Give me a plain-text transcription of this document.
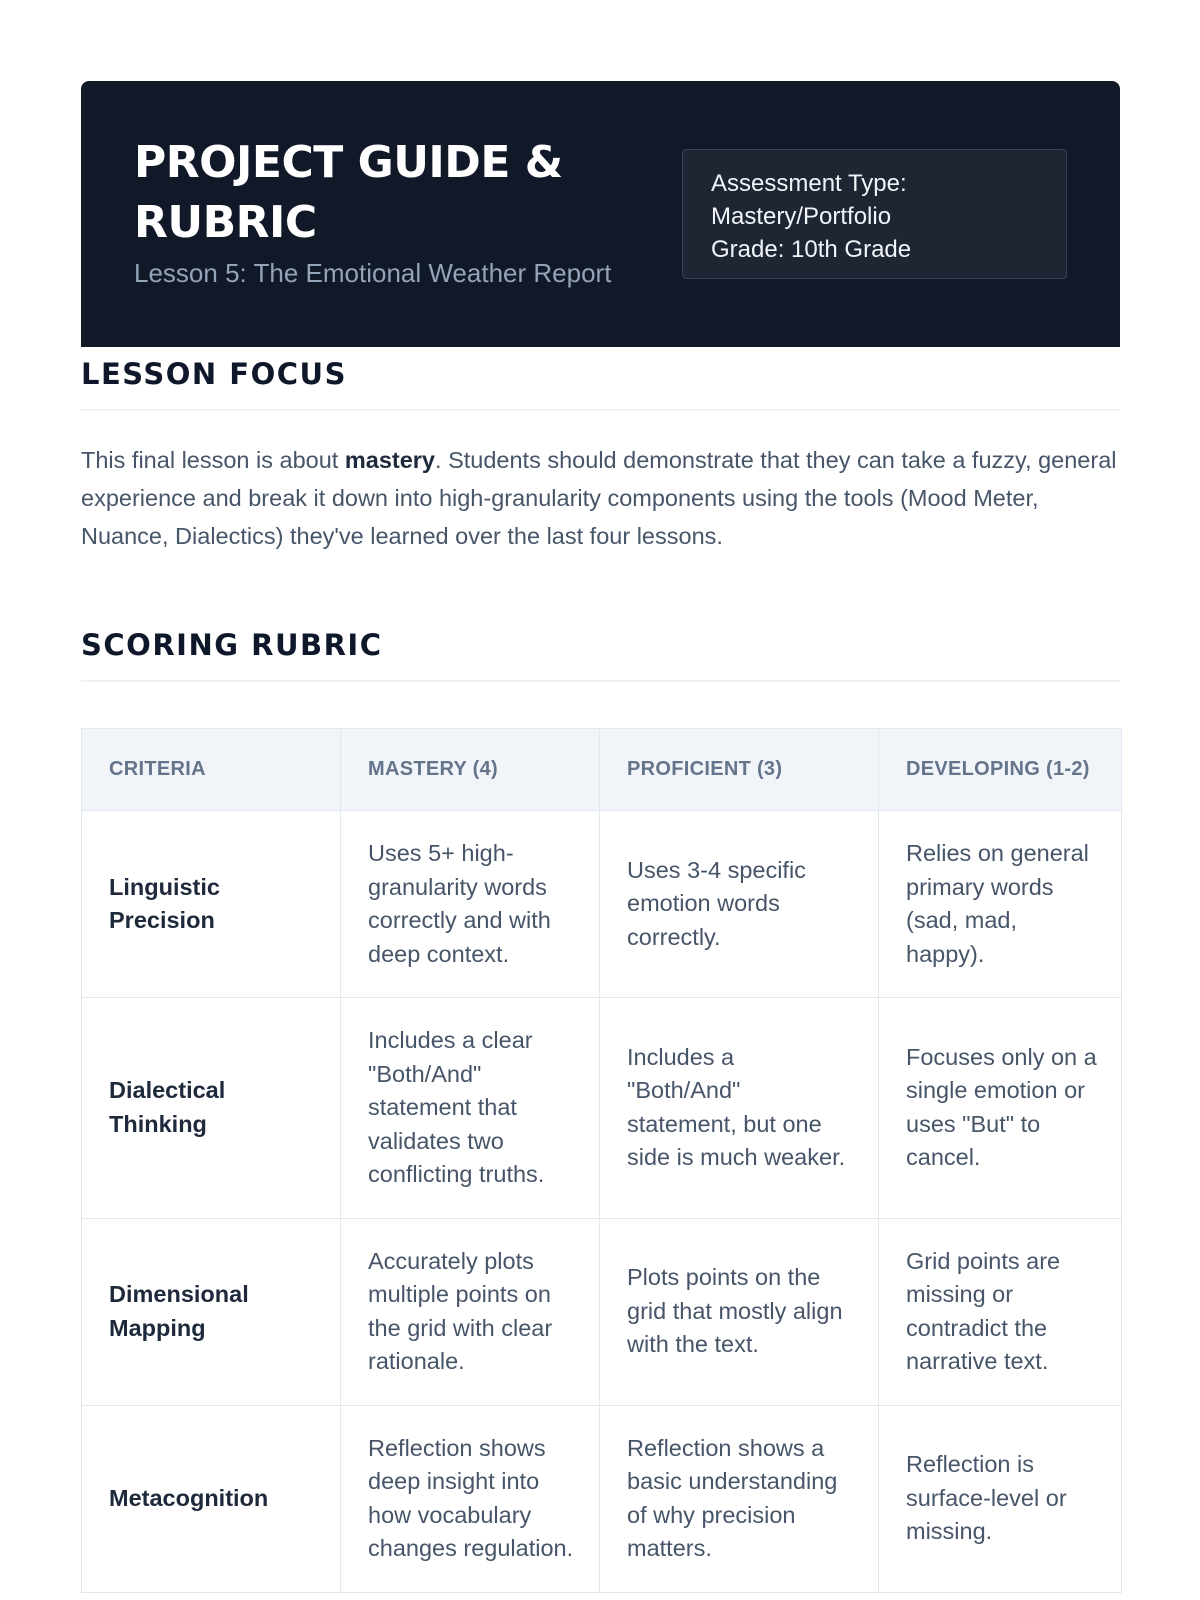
PROJECT GUIDE & RUBRIC
Lesson 5: The Emotional Weather Report
Assessment Type:
Mastery/Portfolio
Grade: 10th Grade
LESSON FOCUS

This final lesson is about mastery. Students should demonstrate that they can take a fuzzy, general experience and break it down into high-granularity components using the tools (Mood Meter, Nuance, Dialectics) they've learned over the last four lessons.

SCORING RUBRIC
CRITERIA	MASTERY (4)	PROFICIENT (3)	DEVELOPING (1-2)
Linguistic Precision	Uses 5+ high-granularity words correctly and with deep context.	Uses 3-4 specific emotion words correctly.	Relies on general primary words (sad, mad, happy).
Dialectical Thinking	Includes a clear "Both/And" statement that validates two conflicting truths.	Includes a "Both/And" statement, but one side is much weaker.	Focuses only on a single emotion or uses "But" to cancel.
Dimensional Mapping	Accurately plots multiple points on the grid with clear rationale.	Plots points on the grid that mostly align with the text.	Grid points are missing or contradict the narrative text.
Metacognition	Reflection shows deep insight into how vocabulary changes regulation.	Reflection shows a basic understanding of why precision matters.	Reflection is surface-level or missing.
